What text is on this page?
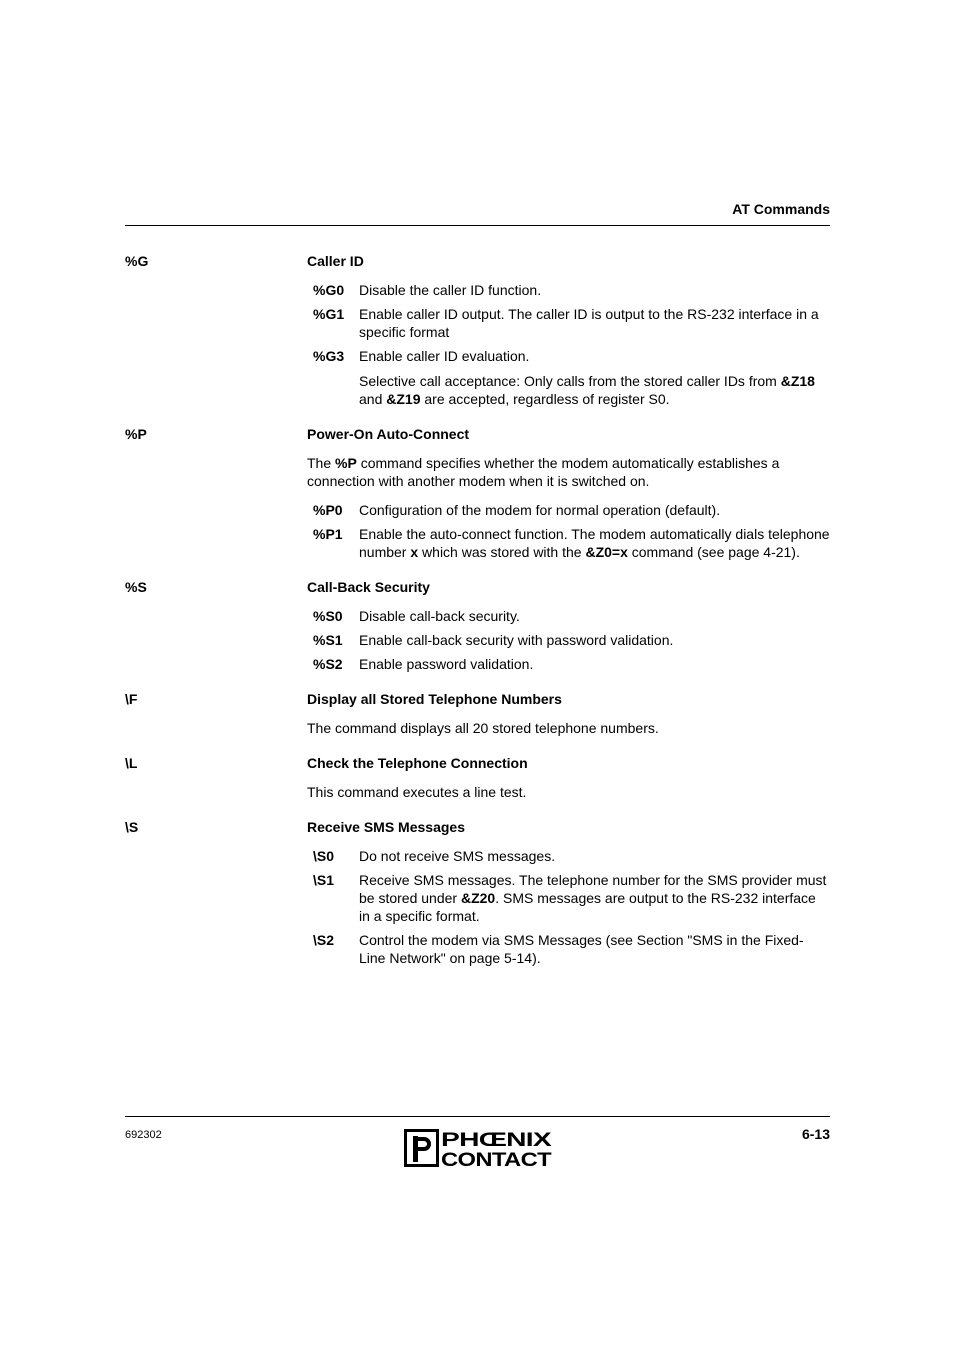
AT Commands
%G	Caller ID
%G0	Disable the caller ID function.
%G1	Enable caller ID output. The caller ID is output to the RS-232 interface in a specific format
%G3	Enable caller ID evaluation.

Selective call acceptance: Only calls from the stored caller IDs from &Z18 and &Z19 are accepted, regardless of register S0.

%P	Power-On Auto-Connect

The %P command specifies whether the modem automatically establishes a connection with another modem when it is switched on.

%P0	Configuration of the modem for normal operation (default).
%P1	Enable the auto-connect function. The modem automatically dials telephone number x which was stored with the &Z0=x command (see page 4-21).
%S	Call-Back Security
%S0	Disable call-back security.
%S1	Enable call-back security with password validation.
%S2	Enable password validation.
\F	Display all Stored Telephone Numbers

The command displays all 20 stored telephone numbers.

\L	Check the Telephone Connection

This command executes a line test.

\S	Receive SMS Messages
\S0	Do not receive SMS messages.
\S1	Receive SMS messages. The telephone number for the SMS provider must be stored under &Z20. SMS messages are output to the RS-232 interface in a specific format.
\S2	Control the modem via SMS Messages (see Section "SMS in the Fixed-Line Network" on page 5-14).
692302	PHŒNIX
CONTACT
6-13
